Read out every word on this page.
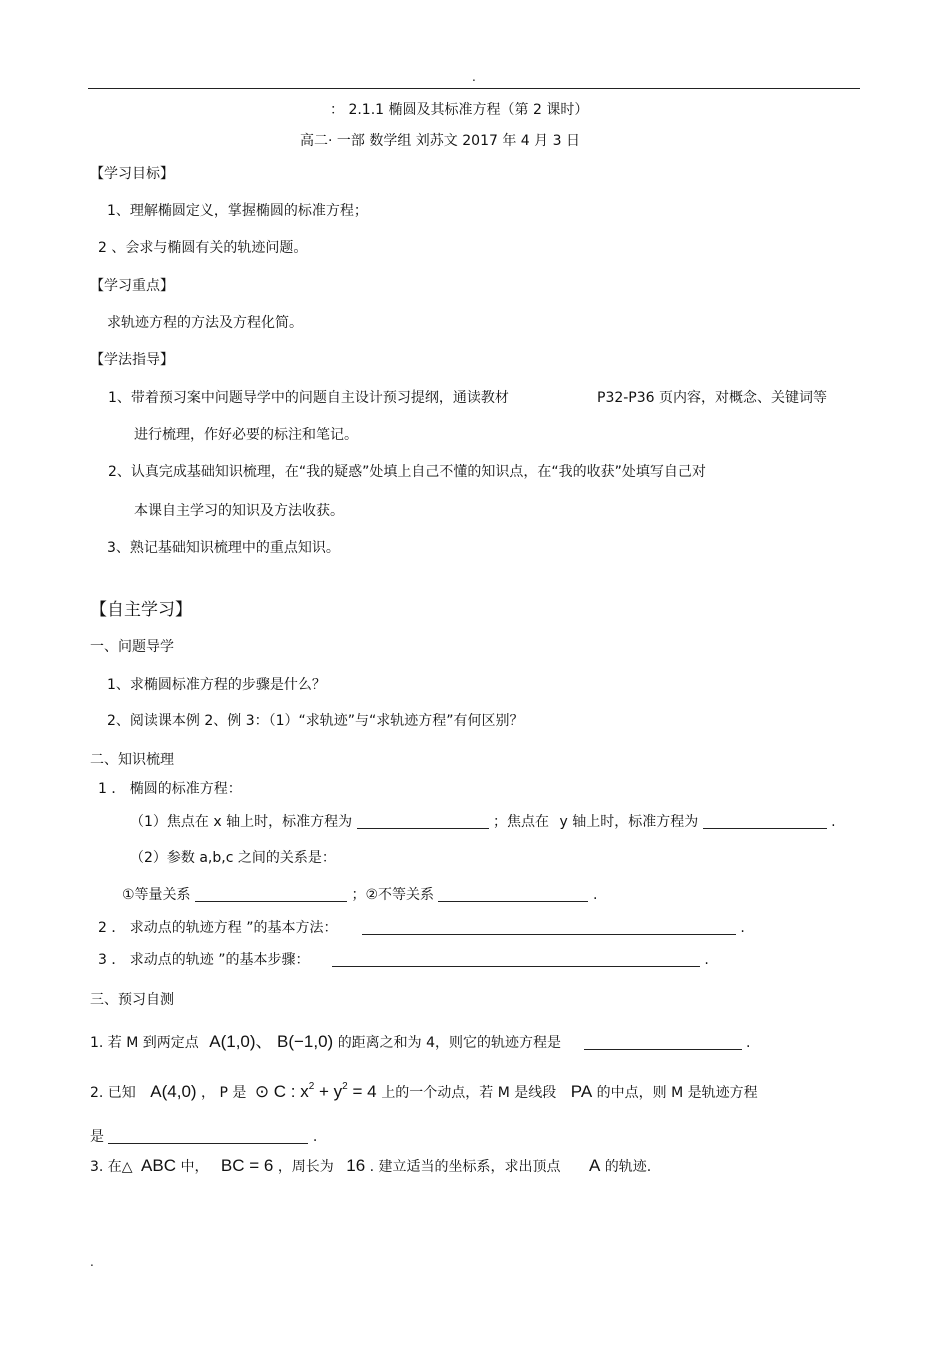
.
： 2.1.1 椭圆及其标准方程（第 2 课时）
高二· 一部 数学组 刘苏文 2017 年 4 月 3 日
【学习目标】
1、理解椭圆定义，掌握椭圆的标准方程；
2 、会求与椭圆有关的轨迹问题。
【学习重点】
求轨迹方程的方法及方程化简。
【学法指导】
1、带着预习案中问题导学中的问题自主设计预习提纲，通读教材	P32-P36 页内容，对概念、关键词等
进行梳理，作好必要的标注和笔记。
2、认真完成基础知识梳理，在“我的疑惑”处填上自己不懂的知识点，在“我的收获”处填写自己对
本课自主学习的知识及方法收获。
3、熟记基础知识梳理中的重点知识。
【自主学习】
一、问题导学
1、求椭圆标准方程的步骤是什么？
2、阅读课本例 2、例 3：（1）“求轨迹”与“求轨迹方程”有何区别？
二、知识梳理
1 ． 椭圆的标准方程：
（1）焦点在 x 轴上时，标准方程为	；焦点在 y 轴上时，标准方程为	.
（2）参数 a,b,c 之间的关系是：
①等量关系	；②不等关系	.
2 ． 求动点的轨迹方程 ”的基本方法：	.
3 ． 求动点的轨迹 ”的基本步骤：	.
三、预习自测
1. 若 M 到两定点 A(1,0)、 B(−1,0) 的距离之和为 4，则它的轨迹方程是	.
2. 已知 A(4,0) ， P 是 ⊙ C : $x^2 + y^2 = 4$ 上的一个动点，若 M 是线段 PA 的中点，则 M 是轨迹方程
是	.
3. 在△ ABC 中， BC = 6 ，周长为 16 . 建立适当的坐标系，求出顶点 A 的轨迹.
.
